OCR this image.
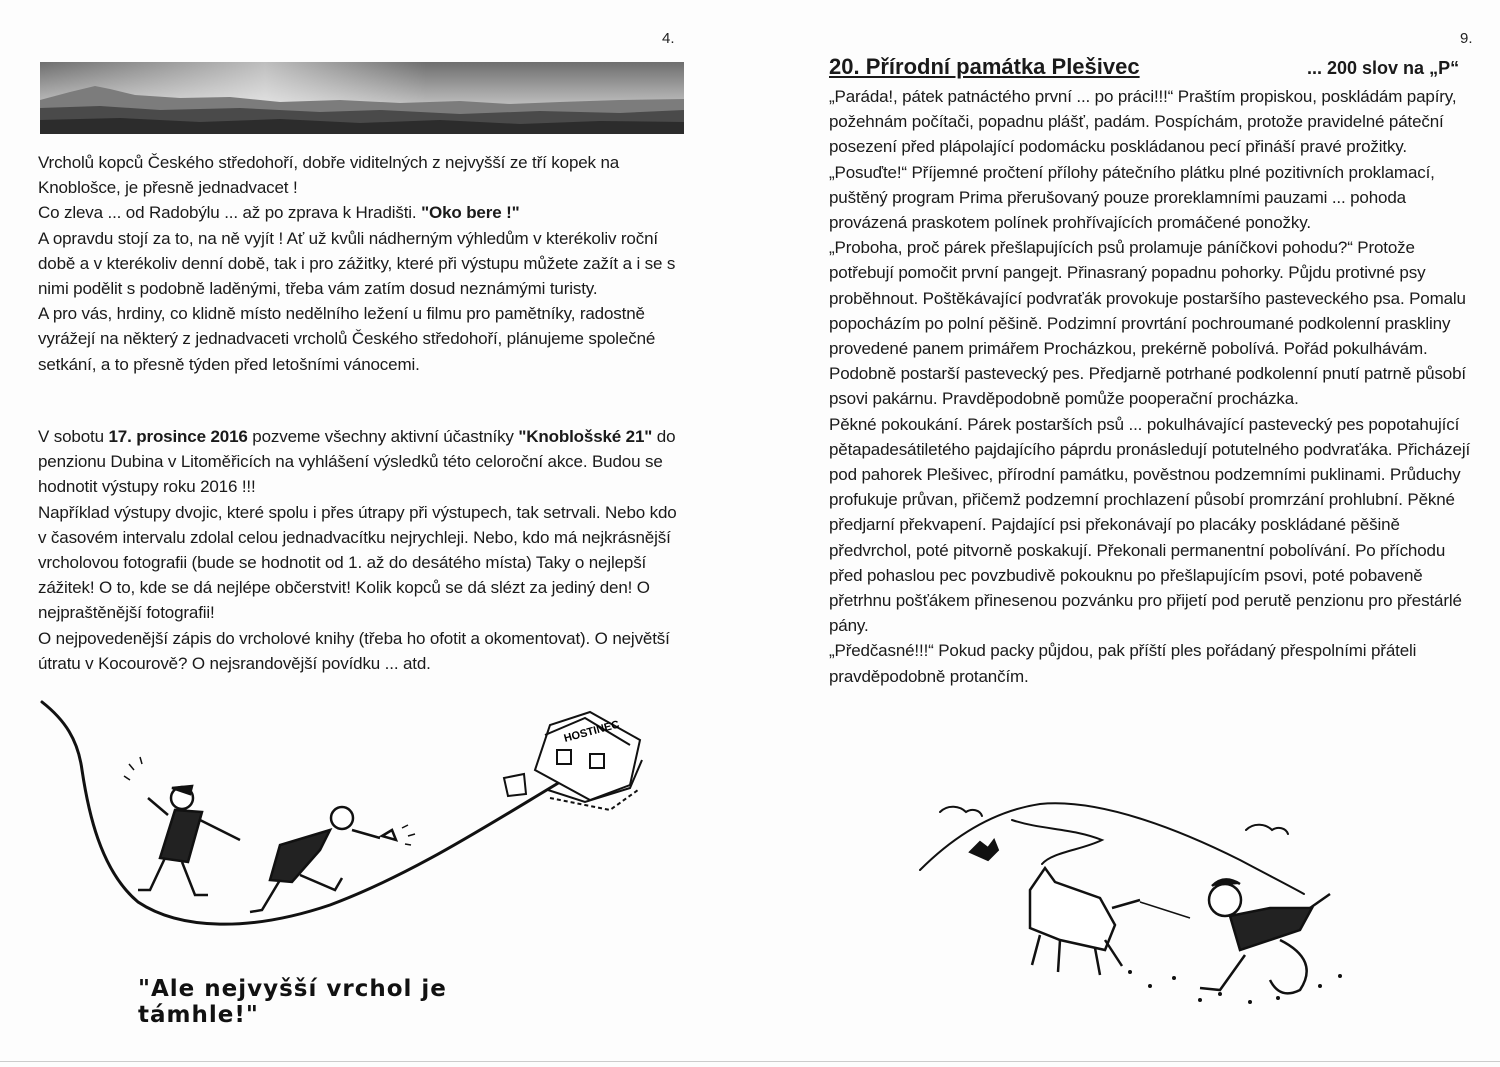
4.

Vrcholů kopců Českého středohoří, dobře viditelných z nejvyšší ze tří kopek na Knoblošce, je přesně jednadvacet !

Co zleva ... od Radobýlu ... až po zprava k Hradišti. "Oko bere !"

A opravdu stojí za to, na ně vyjít ! Ať už kvůli nádherným výhledům v kterékoliv roční době a v kterékoliv denní době, tak i pro zážitky, které při výstupu můžete zažít a i se s nimi podělit s podobně laděnými, třeba vám zatím dosud neznámými turisty.

A pro vás, hrdiny, co klidně místo nedělního ležení u filmu pro pamětníky, radostně vyrážejí na některý z jednadvaceti vrcholů Českého středohoří, plánujeme společné setkání, a to přesně týden před letošními vánocemi.

V sobotu 17. prosince 2016 pozveme všechny aktivní účastníky "Knoblošské 21" do penzionu Dubina v Litoměřicích na vyhlášení výsledků této celoroční akce. Budou se hodnotit výstupy roku 2016 !!!

Například výstupy dvojic, které spolu i přes útrapy při výstupech, tak setrvali. Nebo kdo v časovém intervalu zdolal celou jednadvacítku nejrychleji. Nebo, kdo má nejkrásnější vrcholovou fotografii (bude se hodnotit od 1. až do desátého místa) Taky o nejlepší zážitek! O to, kde se dá nejlépe občerstvit! Kolik kopců se dá slézt za jediný den! O nejpraštěnější fotografii!

O nejpovedenější zápis do vrcholové knihy (třeba ho ofotit a okomentovat). O největší útratu v Kocourově? O nejsrandovější povídku ... atd.

HOSTINEC
"Ale nejvyšší vrchol je támhle!"
9.
20. Přírodní památka Plešivec	... 200 slov na „P“

„Paráda!, pátek patnáctého první ... po práci!!!“ Praštím propiskou, poskládám papíry, požehnám počítači, popadnu plášť, padám. Pospíchám, protože pravidelné páteční posezení před plápolající podomácku poskládanou pecí přináší pravé prožitky.

„Posuďte!“ Příjemné pročtení přílohy pátečního plátku plné pozitivních proklamací, puštěný program Prima přerušovaný pouze proreklamními pauzami ... pohoda provázená praskotem polínek prohřívajících promáčené ponožky.

„Proboha, proč párek přešlapujících psů prolamuje páníčkovi pohodu?“ Protože potřebují pomočit první pangejt. Přinasraný popadnu pohorky. Půjdu protivné psy proběhnout. Poštěkávající podvraťák provokuje postaršího pasteveckého psa. Pomalu popocházím po polní pěšině. Podzimní provrtání pochroumané podkolenní praskliny provedené panem primářem Procházkou, prekérně pobolívá. Pořád pokulhávám. Podobně postarší pastevecký pes. Předjarně potrhané podkolenní pnutí patrně působí psovi pakárnu. Pravděpodobně pomůže pooperační procházka.

Pěkné pokoukání. Párek postarších psů ... pokulhávající pastevecký pes popotahující pětapadesátiletého pajdajícího páprdu pronásledují potutelného podvraťáka. Přicházejí pod pahorek Plešivec, přírodní památku, pověstnou podzemními puklinami. Průduchy profukuje průvan, přičemž podzemní prochlazení působí promrzání prohlubní. Pěkné předjarní překvapení. Pajdající psi překonávají po placáky poskládané pěšině předvrchol, poté pitvorně poskakují. Překonali permanentní pobolívání. Po příchodu před pohaslou pec povzbudivě pokouknu po přešlapujícím psovi, poté pobaveně přetrhnu pošťákem přinesenou pozvánku pro přijetí pod perutě penzionu pro přestárlé pány.

„Předčasné!!!“ Pokud packy půjdou, pak příští ples pořádaný přespolními přáteli pravděpodobně protančím.
